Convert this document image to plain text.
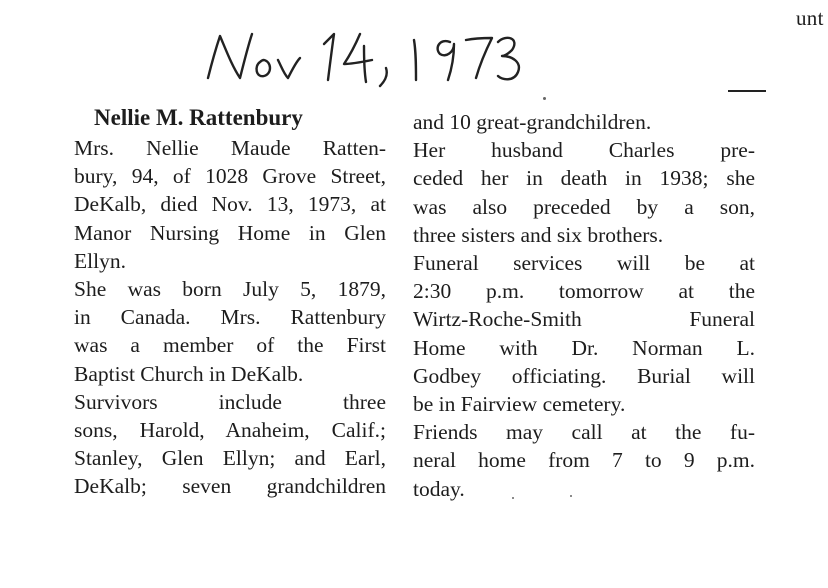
unt
Nellie M. Rattenbury
Mrs. Nellie Maude Ratten-
bury, 94, of 1028 Grove Street,
DeKalb, died Nov. 13, 1973, at
Manor Nursing Home in Glen
Ellyn.
She was born July 5, 1879,
in Canada. Mrs. Rattenbury
was a member of the First
Baptist Church in DeKalb.
Survivors include three
sons, Harold, Anaheim, Calif.;
Stanley, Glen Ellyn; and Earl,
DeKalb; seven grandchildren
and 10 great-grandchildren.
Her husband Charles pre-
ceded her in death in 1938; she
was also preceded by a son,
three sisters and six brothers.
Funeral services will be at
2:30 p.m. tomorrow at the
Wirtz-Roche-Smith Funeral
Home with Dr. Norman L.
Godbey officiating. Burial will
be in Fairview cemetery.
Friends may call at the fu-
neral home from 7 to 9 p.m.
today.
